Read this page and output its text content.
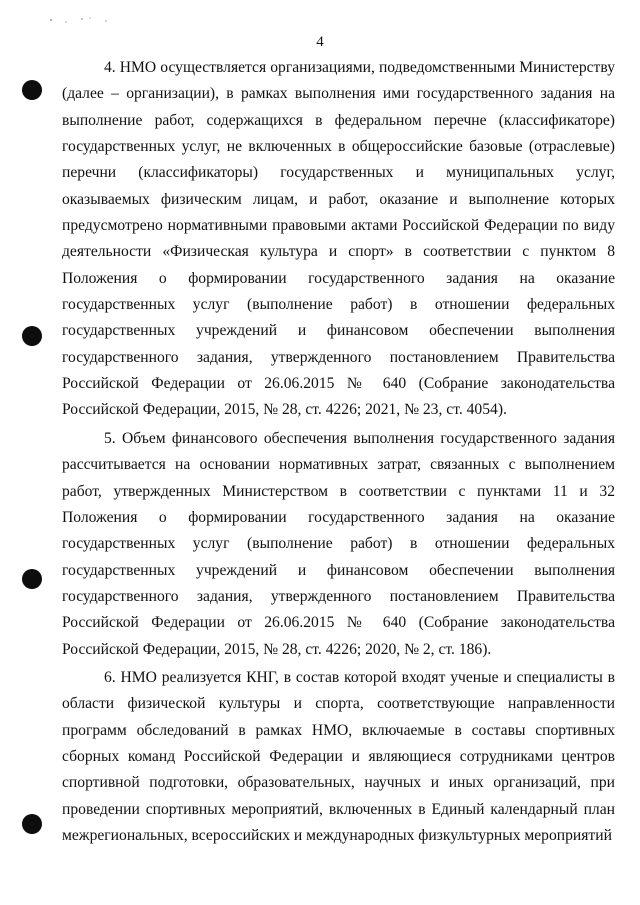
4

4. НМО осуществляется организациями, подведомственными Министерству (далее – организации), в рамках выполнения ими государственного задания на выполнение работ, содержащихся в федеральном перечне (классификаторе) государственных услуг, не включенных в общероссийские базовые (отраслевые) перечни (классификаторы) государственных и муниципальных услуг, оказываемых физическим лицам, и работ, оказание и выполнение которых предусмотрено нормативными правовыми актами Российской Федерации по виду деятельности «Физическая культура и спорт» в соответствии с пунктом 8 Положения о формировании государственного задания на оказание государственных услуг (выполнение работ) в отношении федеральных государственных учреждений и финансовом обеспечении выполнения государственного задания, утвержденного постановлением Правительства Российской Федерации от 26.06.2015 № 640 (Собрание законодательства Российской Федерации, 2015, № 28, ст. 4226; 2021, № 23, ст. 4054).

5. Объем финансового обеспечения выполнения государственного задания рассчитывается на основании нормативных затрат, связанных с выполнением работ, утвержденных Министерством в соответствии с пунктами 11 и 32 Положения о формировании государственного задания на оказание государственных услуг (выполнение работ) в отношении федеральных государственных учреждений и финансовом обеспечении выполнения государственного задания, утвержденного постановлением Правительства Российской Федерации от 26.06.2015 № 640 (Собрание законодательства Российской Федерации, 2015, № 28, ст. 4226; 2020, № 2, ст. 186).

6. НМО реализуется КНГ, в состав которой входят ученые и специалисты в области физической культуры и спорта, соответствующие направленности программ обследований в рамках НМО, включаемые в составы спортивных сборных команд Российской Федерации и являющиеся сотрудниками центров спортивной подготовки, образовательных, научных и иных организаций, при проведении спортивных мероприятий, включенных в Единый календарный план межрегиональных, всероссийских и международных физкультурных мероприятий
